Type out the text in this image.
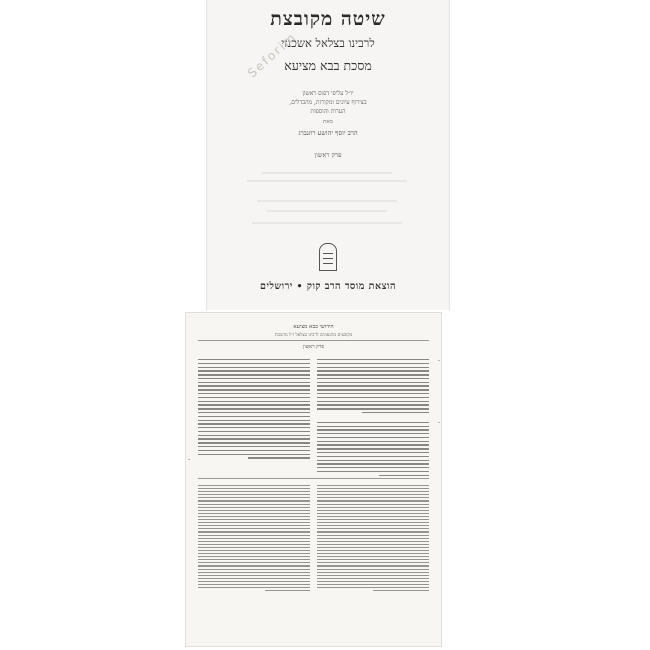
שיטה מקובצת
לרבינו בצלאל אשכנזי
מסכת בבא מציעא
Seforim
יו״ל עליפי דפוס ראשון
בצירוף עיונים ומקורות, מהבדלים,
הערות והוספות
מאת
הרב יוסף יהושע רוזנברג
פרק ראשון
הוצאת מוסד הרב קוק • ירושלים
חידושי בבא מציעא
מקובצים מהגאונים לרבינו בצלאל ז״ל מהמכת
פרק ראשון
•
•
•
